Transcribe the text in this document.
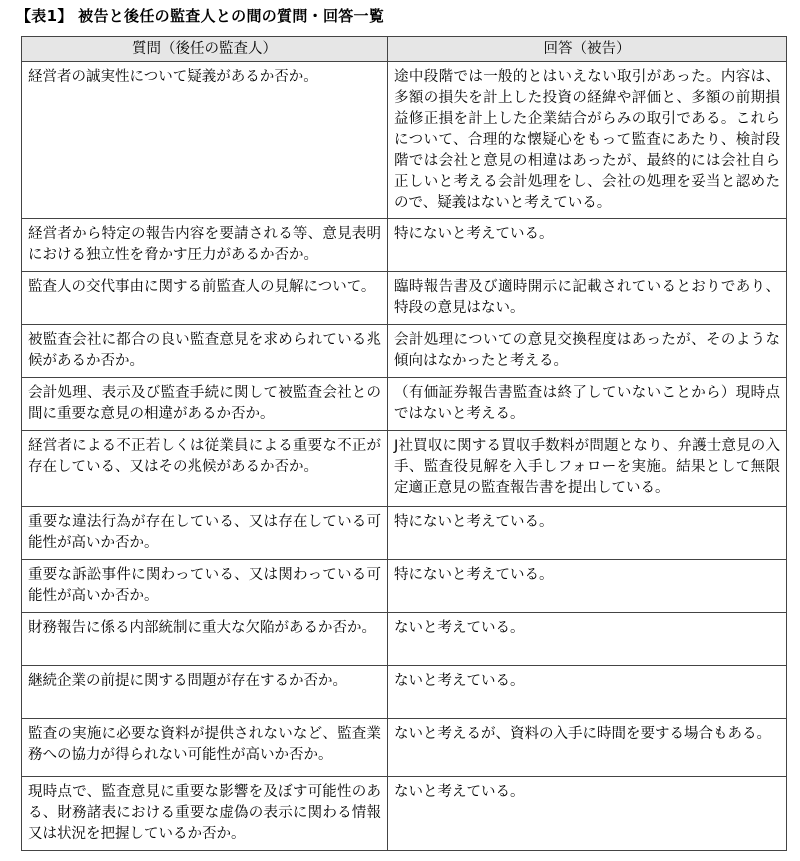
【表1】 被告と後任の監査人との間の質問・回答一覧
質問（後任の監査人）	回答（被告）
経営者の誠実性について疑義があるか否か。	途中段階では一般的とはいえない取引があった。内容は、多額の損失を計上した投資の経緯や評価と、多額の前期損益修正損を計上した企業結合がらみの取引である。これらについて、合理的な懐疑心をもって監査にあたり、検討段階では会社と意見の相違はあったが、最終的には会社自ら正しいと考える会計処理をし、会社の処理を妥当と認めたので、疑義はないと考えている。
経営者から特定の報告内容を要請される等、意見表明における独立性を脅かす圧力があるか否か。	特にないと考えている。
監査人の交代事由に関する前監査人の見解について。	臨時報告書及び適時開示に記載されているとおりであり、特段の意見はない。
被監査会社に都合の良い監査意見を求められている兆候があるか否か。	会計処理についての意見交換程度はあったが、そのような傾向はなかったと考える。
会計処理、表示及び監査手続に関して被監査会社との間に重要な意見の相違があるか否か。	（有価証券報告書監査は終了していないことから）現時点ではないと考える。
経営者による不正若しくは従業員による重要な不正が存在している、又はその兆候があるか否か。	J社買収に関する買収手数料が問題となり、弁護士意見の入手、監査役見解を入手しフォローを実施。結果として無限定適正意見の監査報告書を提出している。
重要な違法行為が存在している、又は存在している可能性が高いか否か。	特にないと考えている。
重要な訴訟事件に関わっている、又は関わっている可能性が高いか否か。	特にないと考えている。
財務報告に係る内部統制に重大な欠陥があるか否か。	ないと考えている。
継続企業の前提に関する問題が存在するか否か。	ないと考えている。
監査の実施に必要な資料が提供されないなど、監査業務への協力が得られない可能性が高いか否か。	ないと考えるが、資料の入手に時間を要する場合もある。
現時点で、監査意見に重要な影響を及ぼす可能性のある、財務諸表における重要な虚偽の表示に関わる情報又は状況を把握しているか否か。	ないと考えている。
